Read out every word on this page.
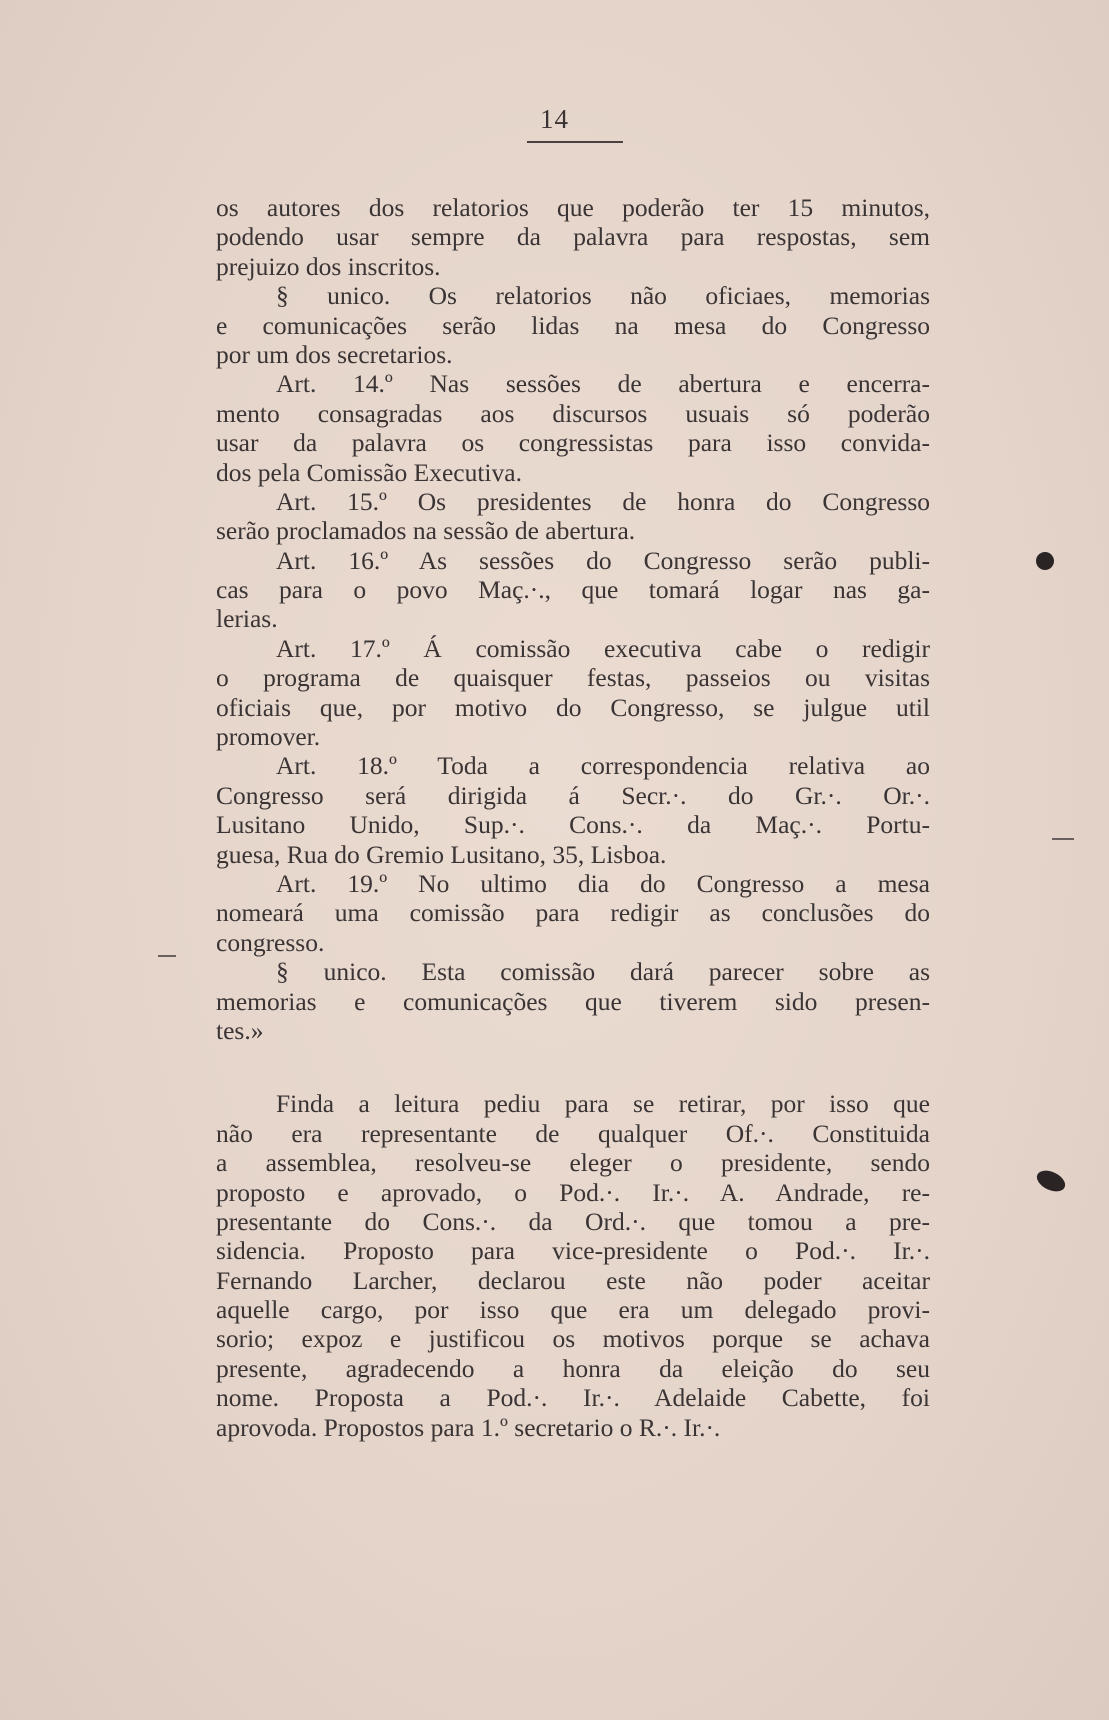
14
os autores dos relatorios que poderão ter 15 minutos,
podendo usar sempre da palavra para respostas, sem
prejuizo dos inscritos.
§ unico. Os relatorios não oficiaes, memorias
e comunicações serão lidas na mesa do Congresso
por um dos secretarios.
Art. 14.º Nas sessões de abertura e encerra-
mento consagradas aos discursos usuais só poderão
usar da palavra os congressistas para isso convida-
dos pela Comissão Executiva.
Art. 15.º Os presidentes de honra do Congresso
serão proclamados na sessão de abertura.
Art. 16.º As sessões do Congresso serão publi-
cas para o povo Maç.·., que tomará logar nas ga-
lerias.
Art. 17.º Á comissão executiva cabe o redigir
o programa de quaisquer festas, passeios ou visitas
oficiais que, por motivo do Congresso, se julgue util
promover.
Art. 18.º Toda a correspondencia relativa ao
Congresso será dirigida á Secr.·. do Gr.·. Or.·.
Lusitano Unido, Sup.·. Cons.·. da Maç.·. Portu-
guesa, Rua do Gremio Lusitano, 35, Lisboa.
Art. 19.º No ultimo dia do Congresso a mesa
nomeará uma comissão para redigir as conclusões do
congresso.
§ unico. Esta comissão dará parecer sobre as
memorias e comunicações que tiverem sido presen-
tes.»
Finda a leitura pediu para se retirar, por isso que
não era representante de qualquer Of.·. Constituida
a assemblea, resolveu-se eleger o presidente, sendo
proposto e aprovado, o Pod.·. Ir.·. A. Andrade, re-
presentante do Cons.·. da Ord.·. que tomou a pre-
sidencia. Proposto para vice-presidente o Pod.·. Ir.·.
Fernando Larcher, declarou este não poder aceitar
aquelle cargo, por isso que era um delegado provi-
sorio; expoz e justificou os motivos porque se achava
presente, agradecendo a honra da eleição do seu
nome. Proposta a Pod.·. Ir.·. Adelaide Cabette, foi
aprovoda. Propostos para 1.º secretario o R.·. Ir.·.
